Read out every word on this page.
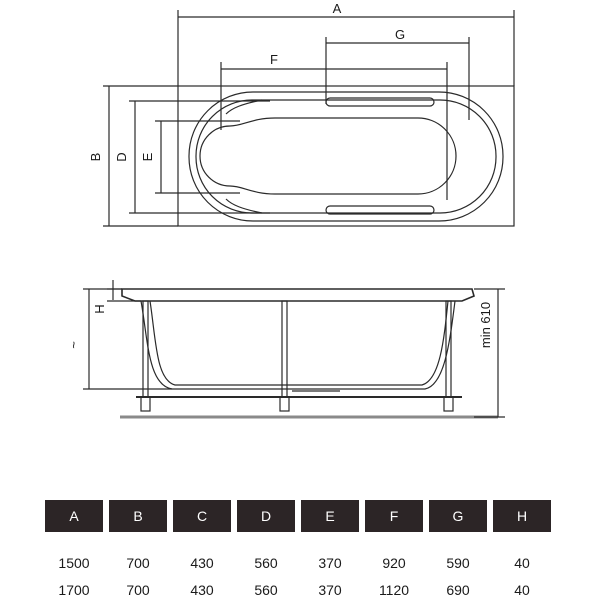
A
G
F
B D E
H
~	min 610
A	B	C	D	E	F	G	H
1500	700	430	560	370	920	590	40
1700	700	430	560	370	1120	690	40
